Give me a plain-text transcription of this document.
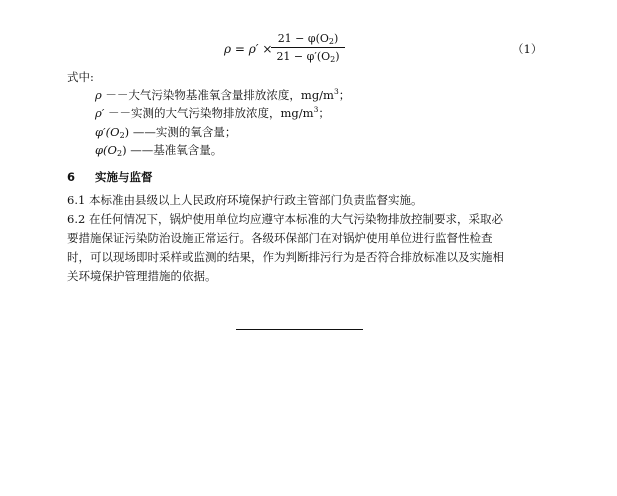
ρ = ρ′ ×
$21 - \varphi(O_2)$
$21 - \varphi'(O_2)$
（1）
式中:
ρ －－大气污染物基准氧含量排放浓度，$mg/m^3$；
ρ′ －－实测的大气污染物排放浓度，$mg/m^3$；
$\varphi'(O_2)$ ——实测的氧含量；
$\varphi(O_2)$ ——基准氧含量。
6 实施与监督
6.1 本标准由县级以上人民政府环境保护行政主管部门负责监督实施。
6.2 在任何情况下，锅炉使用单位均应遵守本标准的大气污染物排放控制要求，采取必
要措施保证污染防治设施正常运行。各级环保部门在对锅炉使用单位进行监督性检查
时，可以现场即时采样或监测的结果，作为判断排污行为是否符合排放标准以及实施相
关环境保护管理措施的依据。
